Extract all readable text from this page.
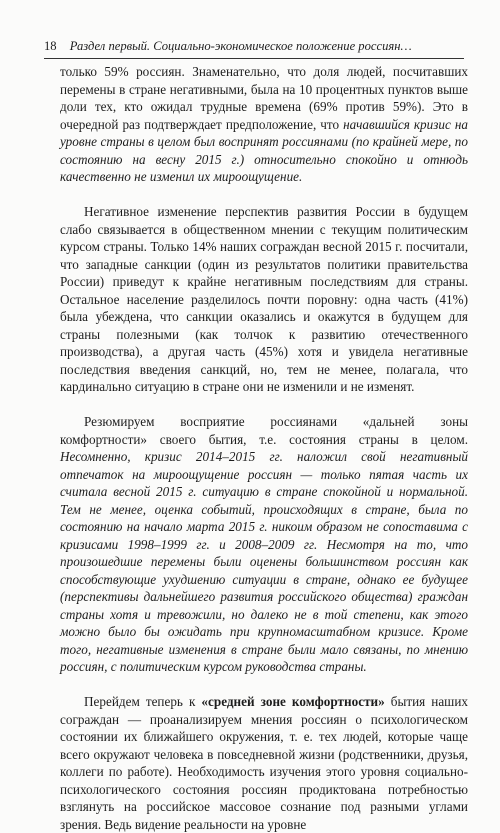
18 Раздел первый. Социально-экономическое положение россиян…

только 59% россиян. Знаменательно, что доля людей, посчитавших перемены в стране негативными, была на 10 процентных пунктов выше доли тех, кто ожидал трудные времена (69% против 59%). Это в очередной раз подтверждает предположение, что начавшийся кризис на уровне страны в целом был воспринят россиянами (по крайней мере, по состоянию на весну 2015 г.) относительно спокойно и отнюдь качественно не изменил их мироощущение.

Негативное изменение перспектив развития России в будущем слабо связывается в общественном мнении с текущим политическим курсом страны. Только 14% наших сограждан весной 2015 г. посчитали, что западные санкции (один из результатов политики правительства России) приведут к крайне негативным последствиям для страны. Остальное население разделилось почти поровну: одна часть (41%) была убеждена, что санкции оказались и окажутся в будущем для страны полезными (как толчок к развитию отечественного производства), а другая часть (45%) хотя и увидела негативные последствия введения санкций, но, тем не менее, полагала, что кардинально ситуацию в стране они не изменили и не изменят.

Резюмируем восприятие россиянами «дальней зоны комфортности» своего бытия, т.е. состояния страны в целом. Несомненно, кризис 2014–2015 гг. наложил свой негативный отпечаток на мироощущение россиян — только пятая часть их считала весной 2015 г. ситуацию в стране спокойной и нормальной. Тем не менее, оценка событий, происходящих в стране, была по состоянию на начало марта 2015 г. никоим образом не сопоставима с кризисами 1998–1999 гг. и 2008–2009 гг. Несмотря на то, что произошедшие перемены были оценены большинством россиян как способствующие ухудшению ситуации в стране, однако ее будущее (перспективы дальнейшего развития российского общества) граждан страны хотя и тревожили, но далеко не в той степени, как этого можно было бы ожидать при крупномасштабном кризисе. Кроме того, негативные изменения в стране были мало связаны, по мнению россиян, с политическим курсом руководства страны.

Перейдем теперь к «средней зоне комфортности» бытия наших сограждан — проанализируем мнения россиян о психологическом состоянии их ближайшего окружения, т. е. тех людей, которые чаще всего окружают человека в повседневной жизни (родственники, друзья, коллеги по работе). Необходимость изучения этого уровня социально-психологического состояния россиян продиктована потребностью взглянуть на российское массовое сознание под разными углами зрения. Ведь видение реальности на уровне
